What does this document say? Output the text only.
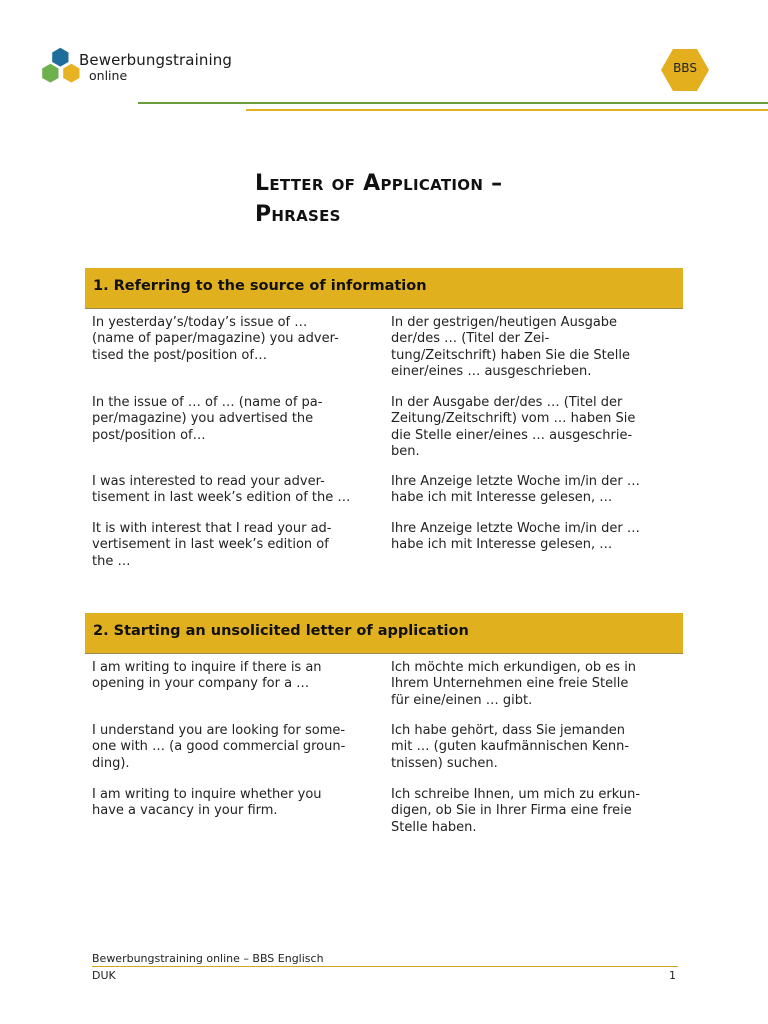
Bewerbungstraining
online	BBS
Letter of Application –
Phrases
1. Referring to the source of information
In yesterday’s/today’s issue of …
(name of paper/magazine) you adver-
tised the post/position of…
In der gestrigen/heutigen Ausgabe
der/des … (Titel der Zei-
tung/Zeitschrift) haben Sie die Stelle
einer/eines … ausgeschrieben.
In the issue of … of … (name of pa-
per/magazine) you advertised the
post/position of…
In der Ausgabe der/des … (Titel der
Zeitung/Zeitschrift) vom … haben Sie
die Stelle einer/eines … ausgeschrie-
ben.
I was interested to read your adver-
tisement in last week’s edition of the …
Ihre Anzeige letzte Woche im/in der …
habe ich mit Interesse gelesen, …
It is with interest that I read your ad-
vertisement in last week’s edition of
the …
Ihre Anzeige letzte Woche im/in der …
habe ich mit Interesse gelesen, …
2. Starting an unsolicited letter of application
I am writing to inquire if there is an
opening in your company for a …
Ich möchte mich erkundigen, ob es in
Ihrem Unternehmen eine freie Stelle
für eine/einen … gibt.
I understand you are looking for some-
one with … (a good commercial groun-
ding).
Ich habe gehört, dass Sie jemanden
mit … (guten kaufmännischen Kenn-
tnissen) suchen.
I am writing to inquire whether you
have a vacancy in your firm.
Ich schreibe Ihnen, um mich zu erkun-
digen, ob Sie in Ihrer Firma eine freie
Stelle haben.
Bewerbungstraining online – BBS Englisch
DUK	1
